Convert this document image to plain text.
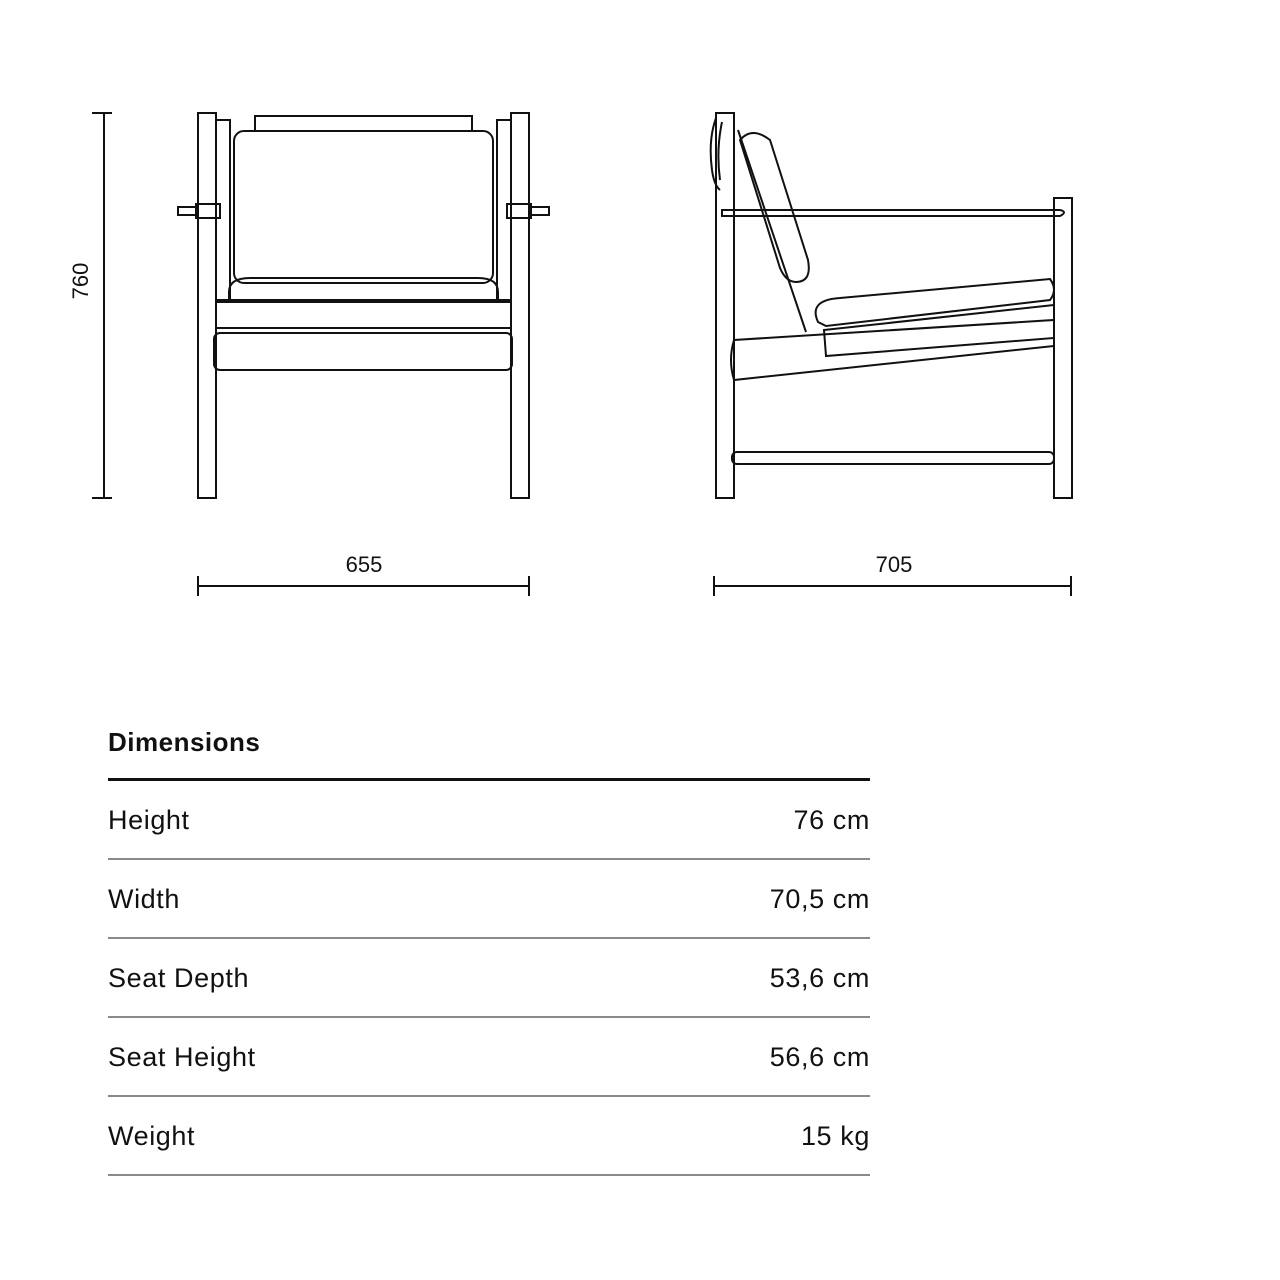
760
655	705
Dimensions
Height	76 cm
Width	70,5 cm
Seat Depth	53,6 cm
Seat Height	56,6 cm
Weight	15 kg
